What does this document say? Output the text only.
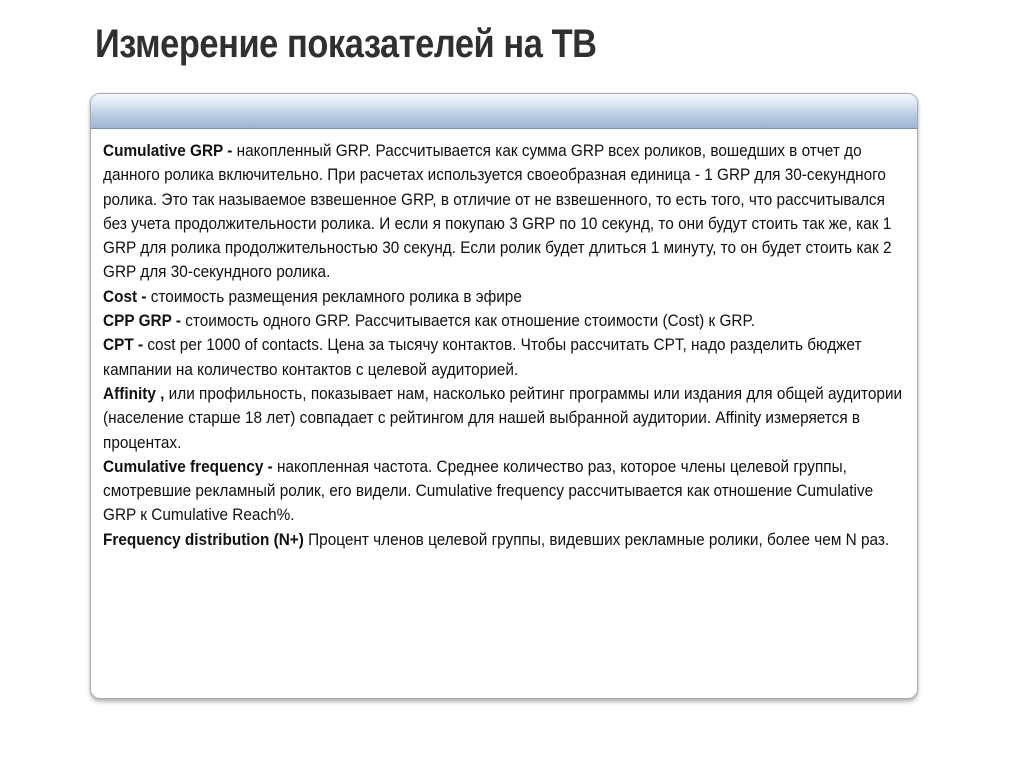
Измерение показателей на ТВ

Cumulative GRP - накопленный GRP. Рассчитывается как сумма GRP всех роликов, вошедших в отчет до данного ролика включительно. При расчетах используется своеобразная единица - 1 GRP для 30-секундного ролика. Это так называемое взвешенное GRP, в отличие от не взвешенного, то есть того, что рассчитывался без учета продолжительности ролика. И если я покупаю 3 GRP по 10 секунд, то они будут стоить так же, как 1 GRP для ролика продолжительностью 30 секунд. Если ролик будет длиться 1 минуту, то он будет стоить как 2 GRP для 30-секундного ролика.

Cost - стоимость размещения рекламного ролика в эфире

CPP GRP - стоимость одного GRP. Рассчитывается как отношение стоимости (Cost) к GRP.

CPT - cost per 1000 of contacts. Цена за тысячу контактов. Чтобы рассчитать CPT, надо разделить бюджет кампании на количество контактов с целевой аудиторией.

Affinity , или профильность, показывает нам, насколько рейтинг программы или издания для общей аудитории (население старше 18 лет) совпадает с рейтингом для нашей выбранной аудитории. Affinity измеряется в процентах.

Cumulative frequency - накопленная частота. Среднее количество раз, которое члены целевой группы, смотревшие рекламный ролик, его видели. Cumulative frequency рассчитывается как отношение Cumulative GRP к Cumulative Reach%.

Frequency distribution (N+) Процент членов целевой группы, видевших рекламные ролики, более чем N раз.
